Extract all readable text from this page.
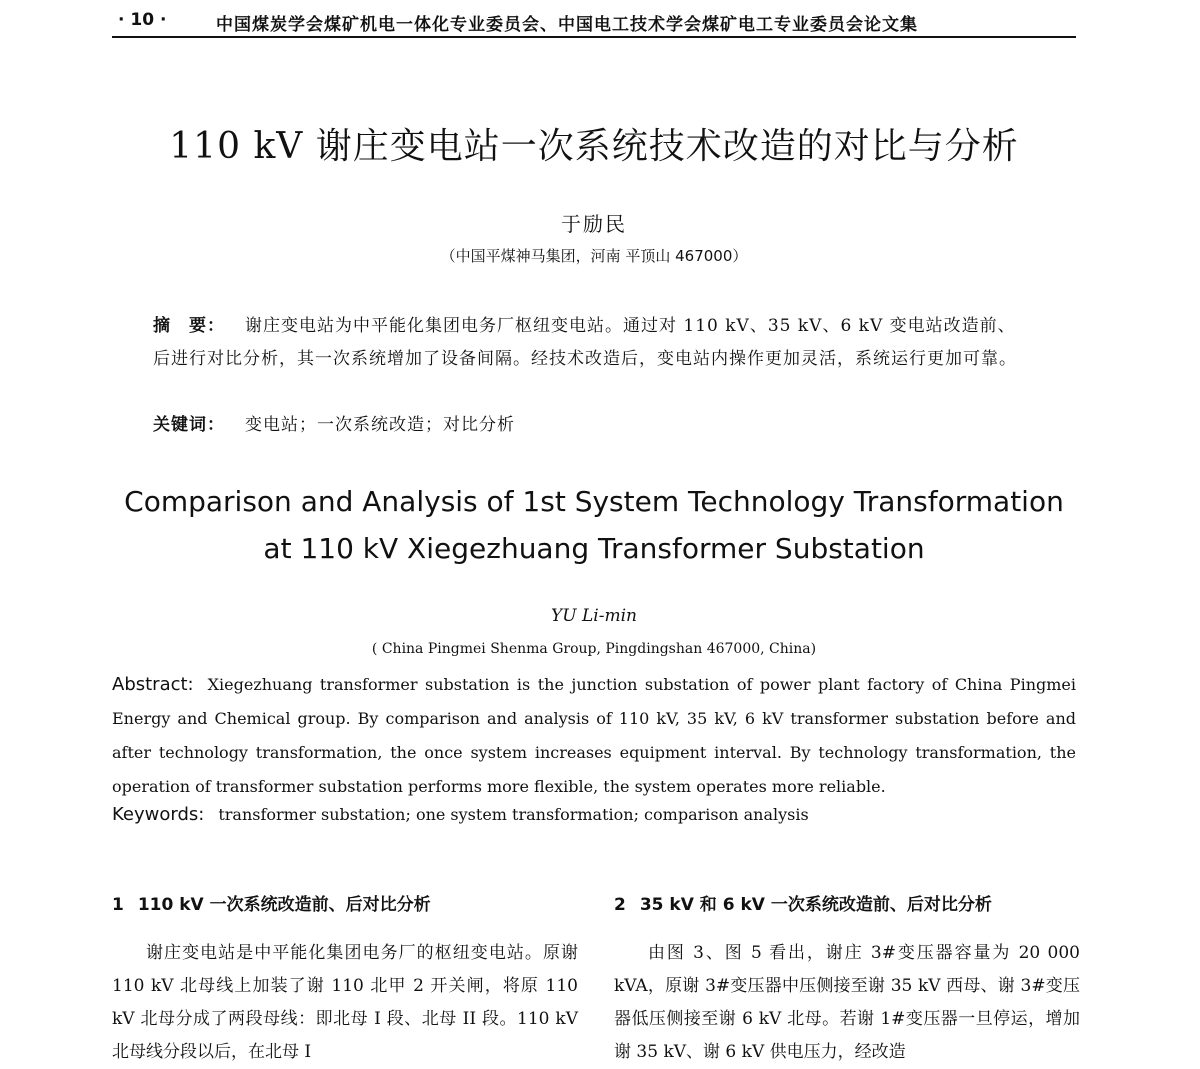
· 10 ·	中国煤炭学会煤矿机电一体化专业委员会、中国电工技术学会煤矿电工专业委员会论文集
110 kV 谢庄变电站一次系统技术改造的对比与分析
于励民
（中国平煤神马集团，河南 平顶山 467000）
摘　要： 谢庄变电站为中平能化集团电务厂枢纽变电站。通过对 110 kV、35 kV、6 kV 变电站改造前、后进行对比分析，其一次系统增加了设备间隔。经技术改造后，变电站内操作更加灵活，系统运行更加可靠。
关键词： 变电站；一次系统改造；对比分析
Comparison and Analysis of 1st System Technology Transformation
at 110 kV Xiegezhuang Transformer Substation
YU Li-min
( China Pingmei Shenma Group, Pingdingshan 467000, China)
Abstract: Xiegezhuang transformer substation is the junction substation of power plant factory of China Pingmei Energy and Chemical group. By comparison and analysis of 110 kV, 35 kV, 6 kV transformer substation before and after technology transformation, the once system increases equipment interval. By technology transformation, the operation of transformer substation performs more flexible, the system operates more reliable.
Keywords: transformer substation; one system transformation; comparison analysis
1 110 kV 一次系统改造前、后对比分析

谢庄变电站是中平能化集团电务厂的枢纽变电站。原谢 110 kV 北母线上加装了谢 110 北甲 2 开关闸，将原 110 kV 北母分成了两段母线：即北母 I 段、北母 II 段。110 kV 北母线分段以后，在北母 I

2 35 kV 和 6 kV 一次系统改造前、后对比分析

由图 3、图 5 看出，谢庄 3#变压器容量为 20 000 kVA，原谢 3#变压器中压侧接至谢 35 kV 西母、谢 3#变压器低压侧接至谢 6 kV 北母。若谢 1#变压器一旦停运，增加谢 35 kV、谢 6 kV 供电压力，经改造
